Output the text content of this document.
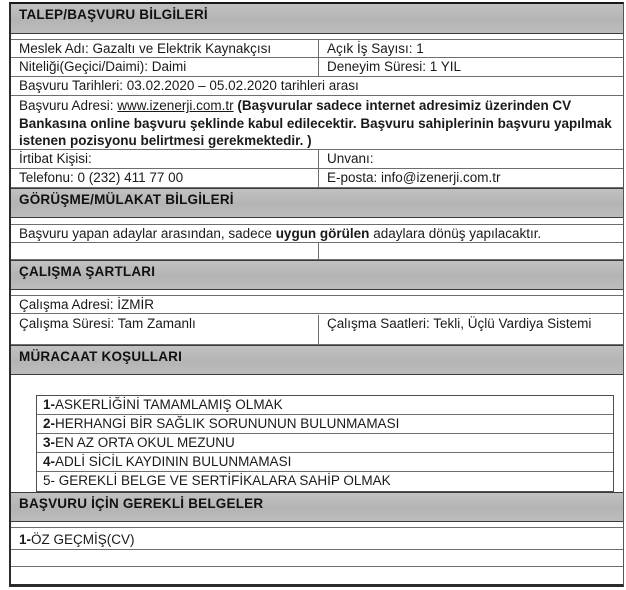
TALEP/BAŞVURU BİLGİLERİ
Meslek Adı: Gazaltı ve Elektrik Kaynakçısı	Açık İş Sayısı: 1
Niteliği(Geçici/Daimi): Daimi	Deneyim Süresi: 1 YIL
Başvuru Tarihleri: 03.02.2020 – 05.02.2020 tarihleri arası
Başvuru Adresi: www.izenerji.com.tr (Başvurular sadece internet adresimiz üzerinden CV Bankasına online başvuru şeklinde kabul edilecektir. Başvuru sahiplerinin başvuru yapılmak istenen pozisyonu belirtmesi gerekmektedir. )
İrtibat Kişisi:	Unvanı:
Telefonu: 0 (232) 411 77 00	E-posta: info@izenerji.com.tr
GÖRÜŞME/MÜLAKAT BİLGİLERİ
Başvuru yapan adaylar arasından, sadece
uygun görülen
adaylara dönüş yapılacaktır.
ÇALIŞMA ŞARTLARI
Çalışma Adresi: İZMİR
Çalışma Süresi: Tam Zamanlı	Çalışma Saatleri: Tekli, Üçlü Vardiya Sistemi
MÜRACAAT KOŞULLARI
1-ASKERLİĞİNİ TAMAMLAMIŞ OLMAK
2-HERHANGİ BİR SAĞLIK SORUNUNUN BULUNMAMASI
3-EN AZ ORTA OKUL MEZUNU
4-ADLİ SİCİL KAYDININ BULUNMAMASI
5- GEREKLİ BELGE VE SERTİFİKALARA SAHİP OLMAK
BAŞVURU İÇİN GEREKLİ BELGELER
1- ÖZ GEÇMİŞ(CV)
